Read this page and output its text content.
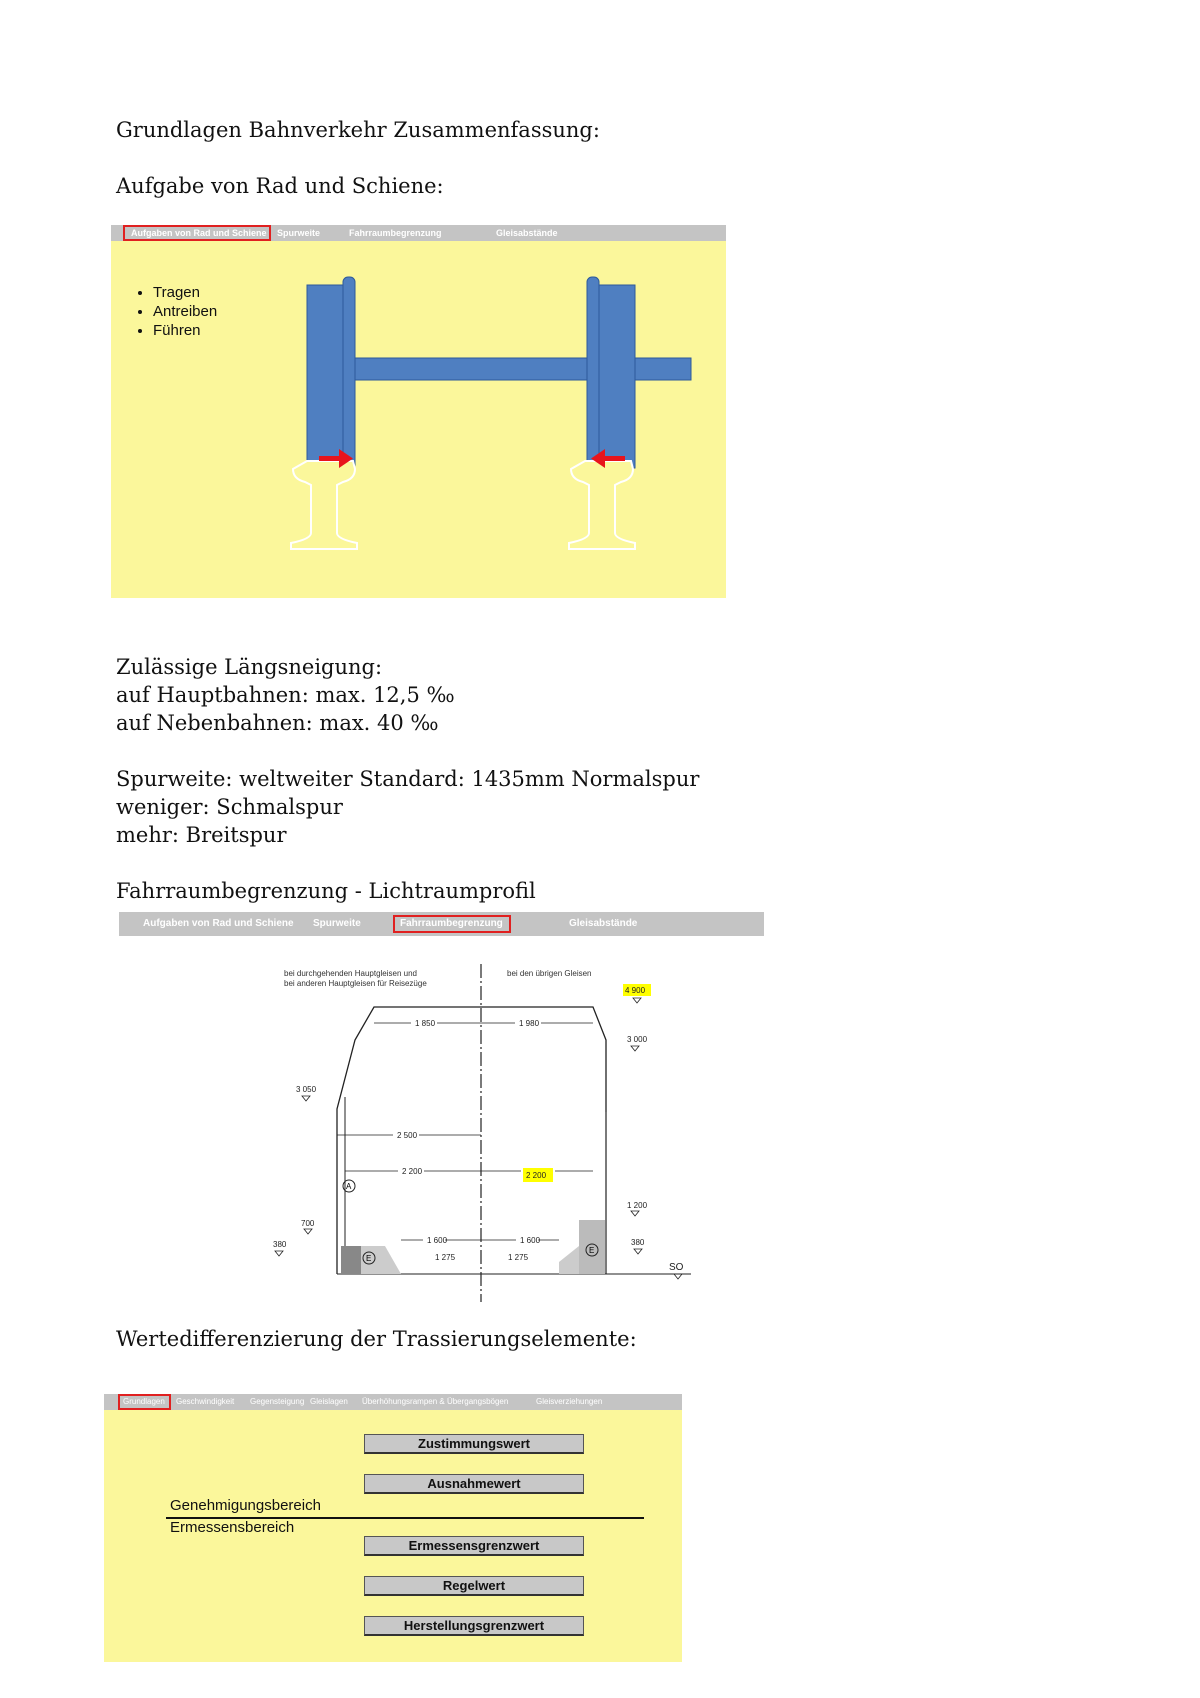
Grundlagen Bahnverkehr Zusammenfassung:
Aufgabe von Rad und Schiene:
Aufgaben von Rad und Schiene	Spurweite	Fahrraumbegrenzung	Gleisabstände
• Tragen
• Antreiben
• Führen
Zulässige Längsneigung:
auf Hauptbahnen: max. 12,5 ‰
auf Nebenbahnen: max. 40 ‰
Spurweite: weltweiter Standard: 1435mm Normalspur
weniger: Schmalspur
mehr: Breitspur
Fahrraumbegrenzung - Lichtraumprofil
Aufgaben von Rad und Schiene Spurweite	Fahrraumbegrenzung	Gleisabstände
bei durchgehenden Hauptgleisen und
bei anderen Hauptgleisen für Reisezüge
bei den übrigen Gleisen
4 900
1 850	1 980
3 000
3 050
2 500
2 200	2 200
1 200
700
380	380
1 600	1 600
1 275	1 275
SO
E
E
A
Wertedifferenzierung der Trassierungselemente:
Grundlagen	Geschwindigkeit Gegensteigung Gleislagen Überhöhungsrampen & Übergangsbögen	Gleisverziehungen
Zustimmungswert
Ausnahmewert
Genehmigungsbereich
Ermessensbereich
Ermessensgrenzwert
Regelwert
Herstellungsgrenzwert
